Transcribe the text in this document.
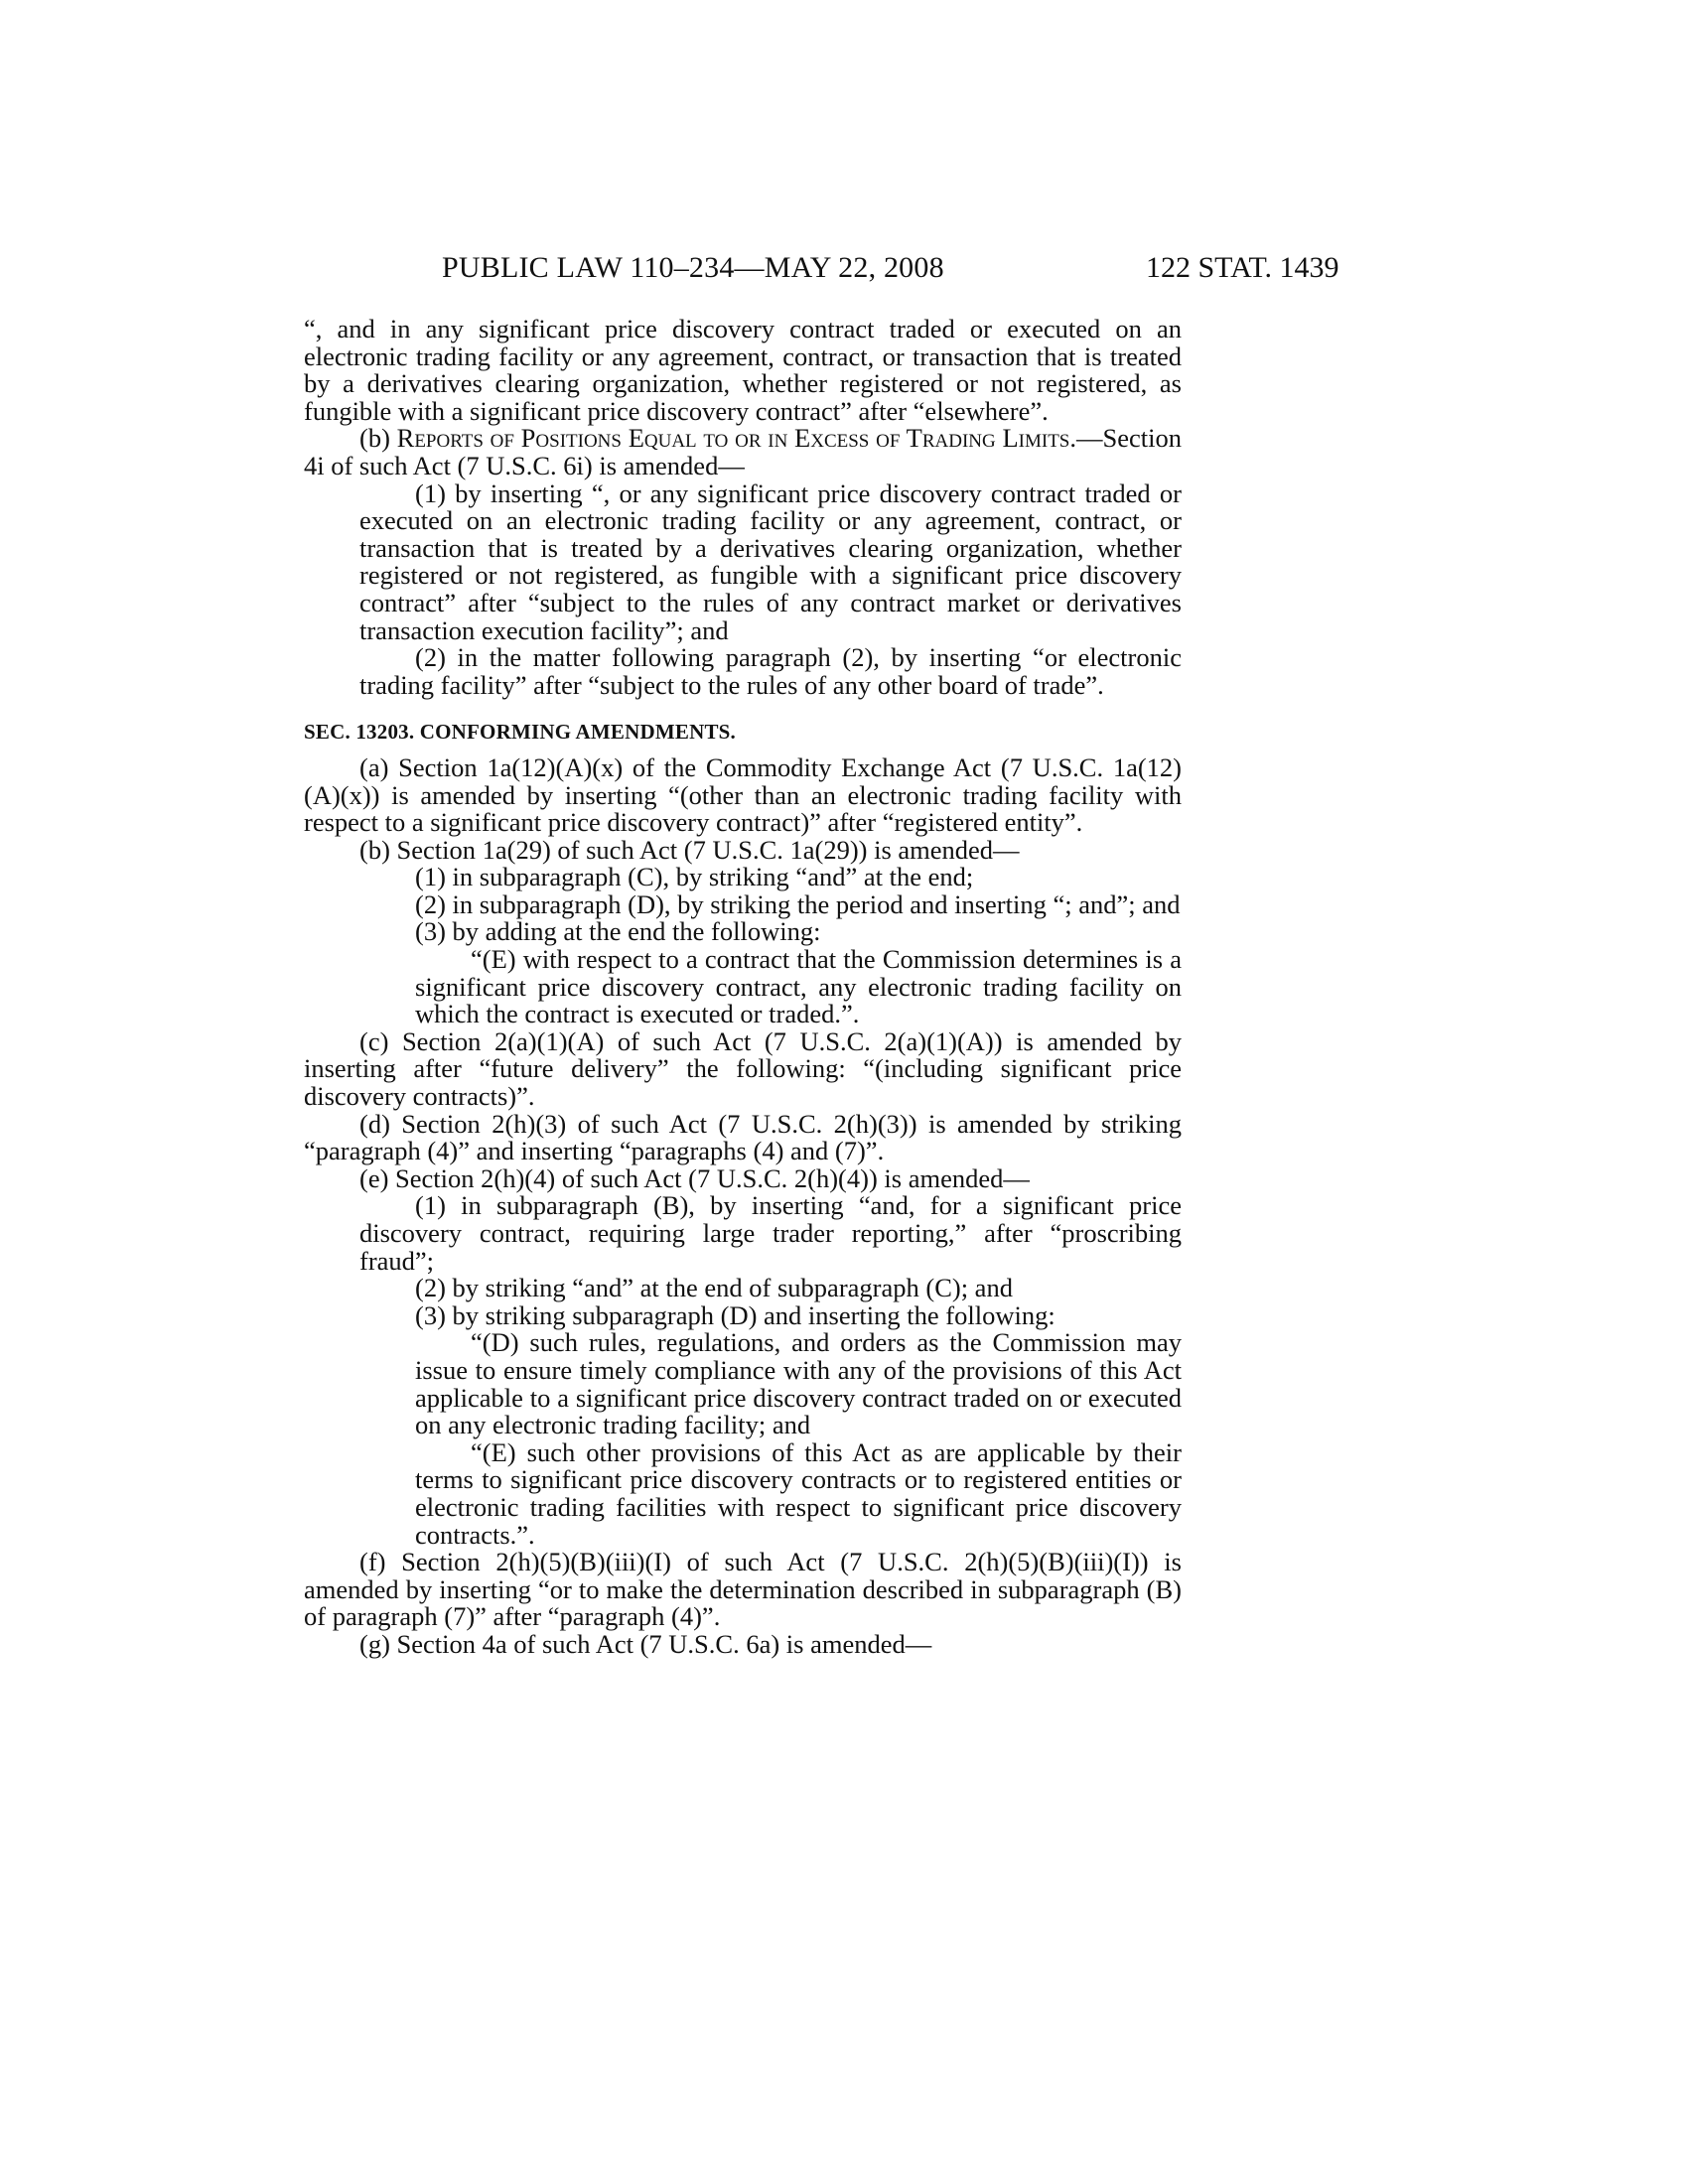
PUBLIC LAW 110–234—MAY 22, 2008	122 STAT. 1439

“, and in any significant price discovery contract traded or executed on an electronic trading facility or any agreement, contract, or transaction that is treated by a derivatives clearing organization, whether registered or not registered, as fungible with a significant price discovery contract” after “elsewhere”.

(b) Reports of Positions Equal to or in Excess of Trading Limits.—Section 4i of such Act (7 U.S.C. 6i) is amended—

(1) by inserting “, or any significant price discovery contract traded or executed on an electronic trading facility or any agreement, contract, or transaction that is treated by a derivatives clearing organization, whether registered or not registered, as fungible with a significant price discovery contract” after “subject to the rules of any contract market or derivatives transaction execution facility”; and

(2) in the matter following paragraph (2), by inserting “or electronic trading facility” after “subject to the rules of any other board of trade”.

SEC. 13203. CONFORMING AMENDMENTS.

(a) Section 1a(12)(A)(x) of the Commodity Exchange Act (7 U.S.C. 1a(12)(A)(x)) is amended by inserting “(other than an electronic trading facility with respect to a significant price discovery contract)” after “registered entity”.

(b) Section 1a(29) of such Act (7 U.S.C. 1a(29)) is amended—

(1) in subparagraph (C), by striking “and” at the end;

(2) in subparagraph (D), by striking the period and inserting “; and”; and

(3) by adding at the end the following:

“(E) with respect to a contract that the Commission determines is a significant price discovery contract, any electronic trading facility on which the contract is executed or traded.”.

(c) Section 2(a)(1)(A) of such Act (7 U.S.C. 2(a)(1)(A)) is amended by inserting after “future delivery” the following: “(including significant price discovery contracts)”.

(d) Section 2(h)(3) of such Act (7 U.S.C. 2(h)(3)) is amended by striking “paragraph (4)” and inserting “paragraphs (4) and (7)”.

(e) Section 2(h)(4) of such Act (7 U.S.C. 2(h)(4)) is amended—

(1) in subparagraph (B), by inserting “and, for a significant price discovery contract, requiring large trader reporting,” after “proscribing fraud”;

(2) by striking “and” at the end of subparagraph (C); and

(3) by striking subparagraph (D) and inserting the following:

“(D) such rules, regulations, and orders as the Commission may issue to ensure timely compliance with any of the provisions of this Act applicable to a significant price discovery contract traded on or executed on any electronic trading facility; and

“(E) such other provisions of this Act as are applicable by their terms to significant price discovery contracts or to registered entities or electronic trading facilities with respect to significant price discovery contracts.”.

(f) Section 2(h)(5)(B)(iii)(I) of such Act (7 U.S.C. 2(h)(5)(B)(iii)(I)) is amended by inserting “or to make the determination described in subparagraph (B) of paragraph (7)” after “paragraph (4)”.

(g) Section 4a of such Act (7 U.S.C. 6a) is amended—
